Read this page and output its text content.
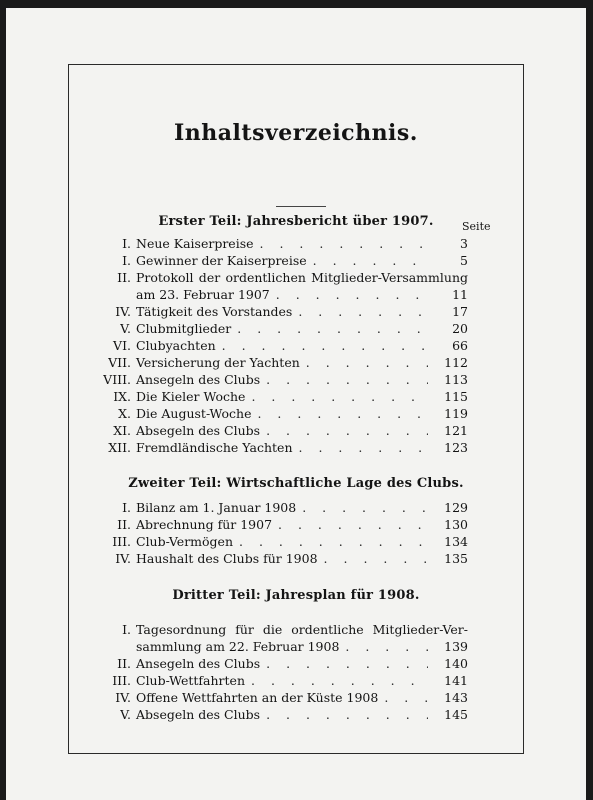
Inhaltsverzeichnis.
Erster Teil: Jahresbericht über 1907.	Seite
Zweiter Teil: Wirtschaftliche Lage des Clubs.
Dritter Teil: Jahresplan für 1908.
I. Neue Kaiserpreise . . .	3
I. Gewinner der Kaiserpreise . . .	5
II. Protokoll der ordentlichen Mitglieder-Versammlung
am 23. Februar 1907 . . .	11
IV. Tätigkeit des Vorstandes . . .	17
V. Clubmitglieder . . .	20
VI. Clubyachten . . .	66
VII. Versicherung der Yachten . . .	112
VIII. Ansegeln des Clubs . . .	113
IX. Die Kieler Woche . . .	115
X. Die August-Woche . . .	119
XI. Absegeln des Clubs . . .	121
XII. Fremdländische Yachten . . .	123
I. Bilanz am 1. Januar 1908 . . .	129
II. Abrechnung für 1907 . . .	130
III. Club-Vermögen . . .	134
IV. Haushalt des Clubs für 1908 . . .	135
I. Tagesordnung für die ordentliche Mitglieder-Ver-
sammlung am 22. Februar 1908 . . .	139
II. Ansegeln des Clubs . . .	140
III. Club-Wettfahrten . . .	141
IV. Offene Wettfahrten an der Küste 1908 . . .	143
V. Absegeln des Clubs . . .	145
